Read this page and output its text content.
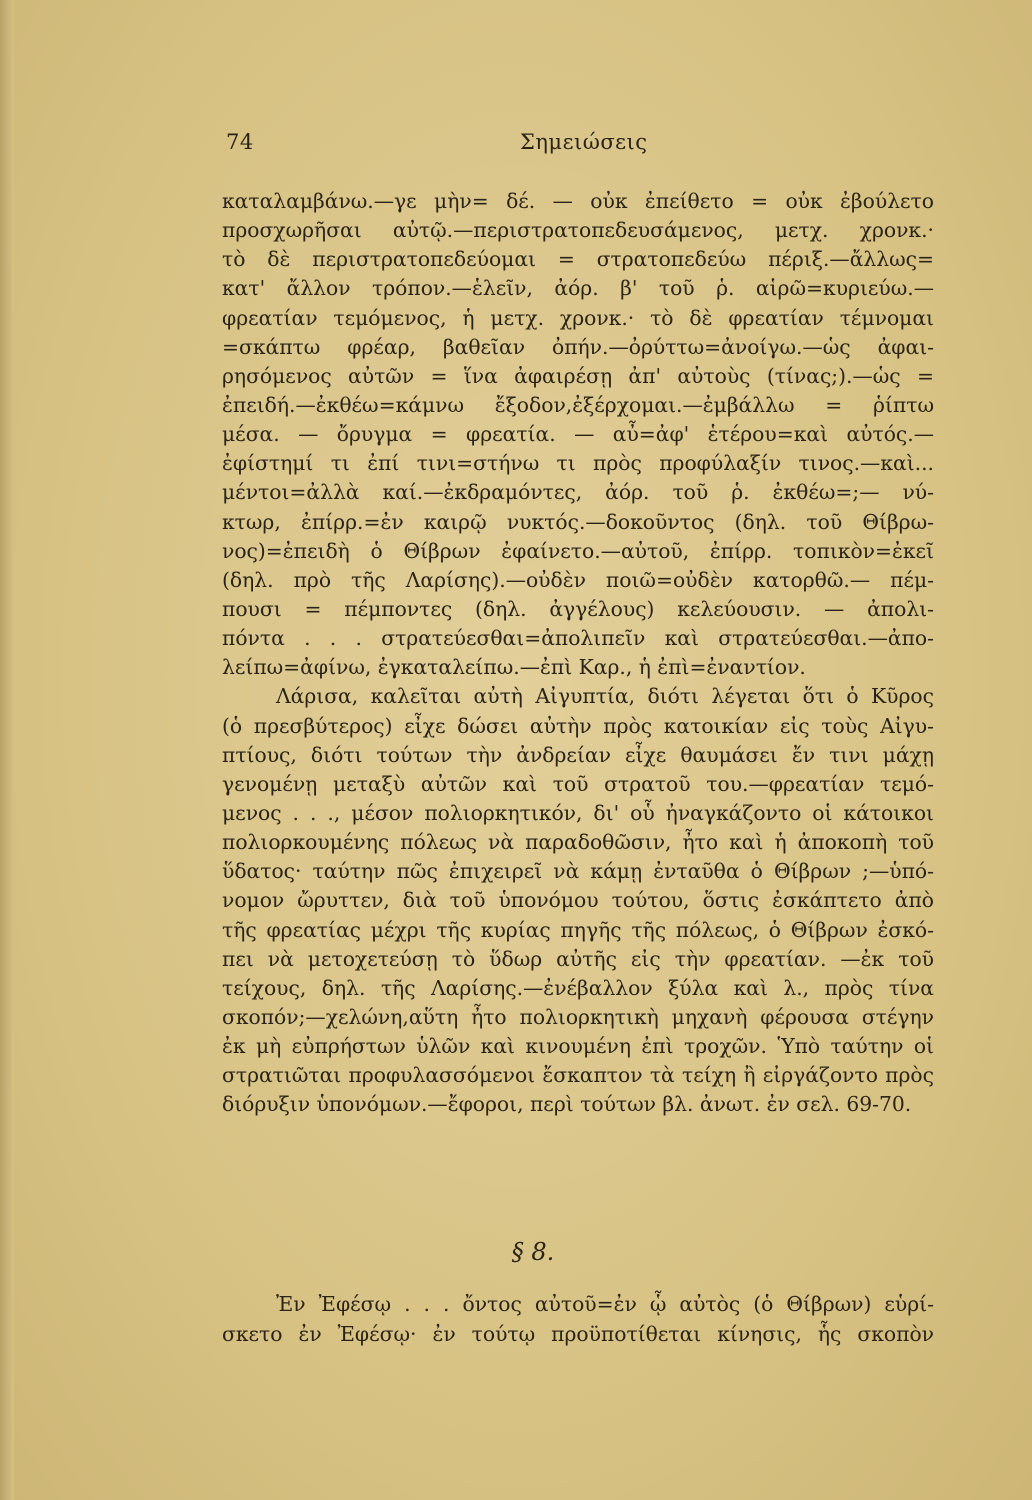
74	Σημειώσεις
καταλαμβάνω.—γε μὴν= δέ. — οὐκ ἐπείθετο = οὐκ ἐβούλετο
προσχωρῆσαι αὐτῷ.—περιστρατοπεδευσάμενος, μετχ. χρονκ.·
τὸ δὲ περιστρατοπεδεύομαι = στρατοπεδεύω πέριξ.—ἄλλως=
κατ' ἄλλον τρόπον.—ἑλεῖν, ἀόρ. β' τοῦ ῥ. αἱρῶ=κυριεύω.—
φρεατίαν τεμόμενος, ἡ μετχ. χρονκ.· τὸ δὲ φρεατίαν τέμνομαι
=σκάπτω φρέαρ, βαθεῖαν ὀπήν.—ὀρύττω=ἀνοίγω.—ὡς ἀφαι-
ρησόμενος αὐτῶν = ἵνα ἀφαιρέσῃ ἀπ' αὐτοὺς (τίνας;).—ὡς =
ἐπειδή.—ἐκθέω=κάμνω ἔξοδον,ἐξέρχομαι.—ἐμβάλλω = ῥίπτω
μέσα. — ὄρυγμα = φρεατία. — αὖ=ἀφ' ἑτέρου=καὶ αὐτός.—
ἐφίστημί τι ἐπί τινι=στήνω τι πρὸς προφύλαξίν τινος.—καὶ...
μέντοι=ἀλλὰ καί.—ἐκδραμόντες, ἀόρ. τοῦ ῥ. ἐκθέω=;— νύ-
κτωρ, ἐπίρρ.=ἐν καιρῷ νυκτός.—δοκοῦντος (δηλ. τοῦ Θίβρω-
νος)=ἐπειδὴ ὁ Θίβρων ἐφαίνετο.—αὐτοῦ, ἐπίρρ. τοπικὸν=ἐκεῖ
(δηλ. πρὸ τῆς Λαρίσης).—οὐδὲν ποιῶ=οὐδὲν κατορθῶ.— πέμ-
πουσι = πέμποντες (δηλ. ἀγγέλους) κελεύουσιν. — ἀπολι-
πόντα . . . στρατεύεσθαι=ἀπολιπεῖν καὶ στρατεύεσθαι.—ἀπο-
λείπω=ἀφίνω, ἐγκαταλείπω.—ἐπὶ Καρ., ἡ ἐπὶ=ἐναντίον.
Λάρισα, καλεῖται αὐτὴ Αἰγυπτία, διότι λέγεται ὅτι ὁ Κῦρος
(ὁ πρεσβύτερος) εἶχε δώσει αὐτὴν πρὸς κατοικίαν εἰς τοὺς Αἰγυ-
πτίους, διότι τούτων τὴν ἀνδρείαν εἶχε θαυμάσει ἔν τινι μάχῃ
γενομένῃ μεταξὺ αὐτῶν καὶ τοῦ στρατοῦ του.—φρεατίαν τεμό-
μενος . . ., μέσον πολιορκητικόν, δι' οὗ ἠναγκάζοντο οἱ κάτοικοι
πολιορκουμένης πόλεως νὰ παραδοθῶσιν, ἦτο καὶ ἡ ἀποκοπὴ τοῦ
ὕδατος· ταύτην πῶς ἐπιχειρεῖ νὰ κάμῃ ἐνταῦθα ὁ Θίβρων ;—ὑπό-
νομον ὤρυττεν, διὰ τοῦ ὑπονόμου τούτου, ὅστις ἐσκάπτετο ἀπὸ
τῆς φρεατίας μέχρι τῆς κυρίας πηγῆς τῆς πόλεως, ὁ Θίβρων ἐσκό-
πει νὰ μετοχετεύσῃ τὸ ὕδωρ αὐτῆς εἰς τὴν φρεατίαν. —ἐκ τοῦ
τείχους, δηλ. τῆς Λαρίσης.—ἐνέβαλλον ξύλα καὶ λ., πρὸς τίνα
σκοπόν;—χελώνη,αὕτη ἦτο πολιορκητικὴ μηχανὴ φέρουσα στέγην
ἐκ μὴ εὐπρήστων ὑλῶν καὶ κινουμένη ἐπὶ τροχῶν. Ὑπὸ ταύτην οἱ
στρατιῶται προφυλασσόμενοι ἔσκαπτον τὰ τείχη ἢ εἰργάζοντο πρὸς
διόρυξιν ὑπονόμων.—ἔφοροι, περὶ τούτων βλ. ἀνωτ. ἐν σελ. 69-70.
§ 8.
Ἐν Ἐφέσῳ . . . ὄντος αὐτοῦ=ἐν ᾧ αὐτὸς (ὁ Θίβρων) εὑρί-
σκετο ἐν Ἐφέσῳ· ἐν τούτῳ προϋποτίθεται κίνησις, ἧς σκοπὸν
